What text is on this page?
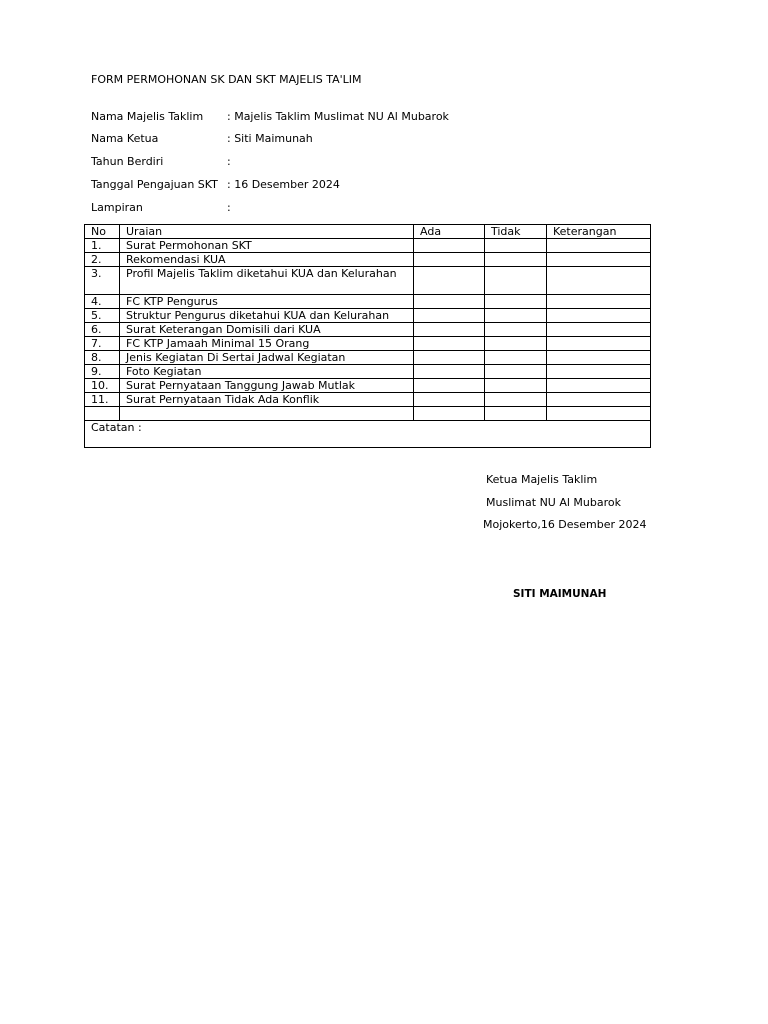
FORM PERMOHONAN SK DAN SKT MAJELIS TA'LIM
Nama Majelis Taklim : Majelis Taklim Muslimat NU Al Mubarok
Nama Ketua	: Siti Maimunah
Tahun Berdiri	:
Tanggal Pengajuan SKT : 16 Desember 2024
Lampiran	:
No	Uraian	Ada	Tidak	Keterangan
1.	Surat Permohonan SKT			
2.	Rekomendasi KUA			
3.	Profil Majelis Taklim diketahui KUA dan Kelurahan			
4.	FC KTP Pengurus			
5.	Struktur Pengurus diketahui KUA dan Kelurahan			
6.	Surat Keterangan Domisili dari KUA			
7.	FC KTP Jamaah Minimal 15 Orang			
8.	Jenis Kegiatan Di Sertai Jadwal Kegiatan			
9.	Foto Kegiatan			
10.	Surat Pernyataan Tanggung Jawab Mutlak			
11.	Surat Pernyataan Tidak Ada Konflik			

Catatan :				
Ketua Majelis Taklim
Muslimat NU Al Mubarok
Mojokerto,16 Desember 2024
SITI MAIMUNAH
